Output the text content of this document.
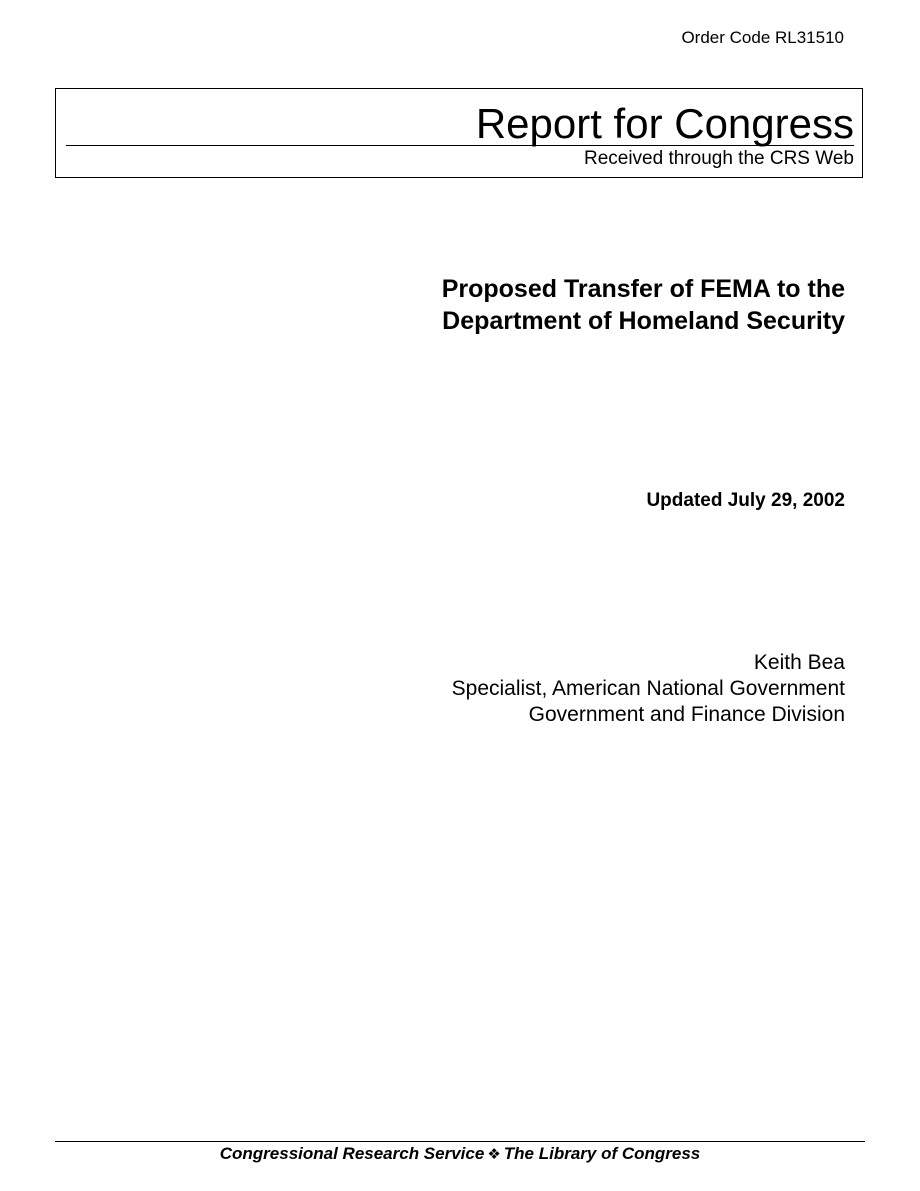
Order Code RL31510
Report for Congress
Received through the CRS Web
Proposed Transfer of FEMA to the
Department of Homeland Security
Updated July 29, 2002
Keith Bea
Specialist, American National Government
Government and Finance Division
Congressional Research Service ❖ The Library of Congress
